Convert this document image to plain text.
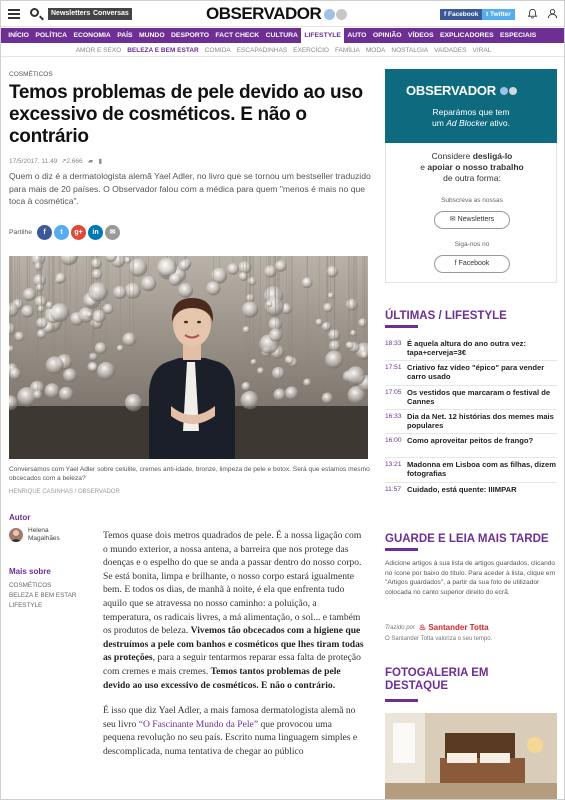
Newsletters Conversas	OBSERVADOR	f Facebook	t Twitter
INÍCIO POLÍTICA ECONOMIA PAÍS MUNDO DESPORTO FACT CHECK CULTURA LIFESTYLE AUTO OPINIÃO VÍDEOS EXPLICADORES ESPECIAIS
AMOR E SEXO BELEZA E BEM ESTAR COMIDA ESCAPADINHAS EXERCÍCIO FAMÍLIA MODA NOSTALGIA VAIDADES VIRAL
COSMÉTICOS
Temos problemas de pele devido ao uso excessivo de cosméticos. E não o contrário
17/5/2017, 11:49 ↗2.666 ▰ ▮

Quem o diz é a dermatologista alemã Yael Adler, no livro que se tornou um bestseller traduzido para mais de 20 países. O Observador falou com a médica para quem "menos é mais no que toca à cosmética".

Partilhe	f	t	g+	in	✉

Conversámos com Yael Adler sobre celulite, cremes anti-idade, bronze, limpeza de pele e botox. Será que estamos mesmo obcecados com a beleza?

HENRIQUE CASINHAS / OBSERVADOR
Autor
Helena Magalhães
Mais sobre
COSMÉTICOS
BELEZA E BEM ESTAR
LIFESTYLE

Temos quase dois metros quadrados de pele. É a nossa ligação com o mundo exterior, a nossa antena, a barreira que nos protege das doenças e o espelho do que se anda a passar dentro do nosso corpo. Se está bonita, limpa e brilhante, o nosso corpo estará igualmente bem. E todos os dias, de manhã à noite, é ela que enfrenta tudo aquilo que se atravessa no nosso caminho: a poluição, a temperatura, os radicais livres, a má alimentação, o sol... e também os produtos de beleza. Vivemos tão obcecados com a higiene que destruímos a pele com banhos e cosméticos que lhes tiram todas as proteções, para a seguir tentarmos reparar essa falta de proteção com cremes e mais cremes. Temos tantos problemas de pele devido ao uso excessivo de cosméticos. E não o contrário.

É isso que diz Yael Adler, a mais famosa dermatologista alemã no seu livro “O Fascinante Mundo da Pele” que provocou uma pequena revolução no seu país. Escrito numa linguagem simples e descomplicada, numa tentativa de chegar ao público

OBSERVADOR
Reparámos que tem
um Ad Blocker ativo.
Considere desligá-lo
e apoiar o nosso trabalho
de outra forma:
Subscreva as nossas
✉ Newsletters
Siga-nos no
f Facebook
ÚLTIMAS / LIFESTYLE
18:33 É aquela altura do ano outra vez: tapa+cerveja=3€
17:51 Criativo faz vídeo "épico" para vender carro usado
17:05 Os vestidos que marcaram o festival de Cannes
16:33 Dia da Net. 12 histórias dos memes mais populares
16:00 Como aproveitar peitos de frango?
13:21 Madonna em Lisboa com as filhas, dizem fotografias
11:57 Cuidado, está quente: IIIMPAR
GUARDE E LEIA MAIS TARDE

Adicione artigos à sua lista de artigos guardados, clicando no ícone por baixo do título. Para aceder à lista, clique em "Artigos guardados", a partir da sua foto de utilizador colocada no canto superior direito do ecrã.

Trazido por ♨ Santander Totta
O Santander Totta valoriza o seu tempo.
FOTOGALERIA EM DESTAQUE
